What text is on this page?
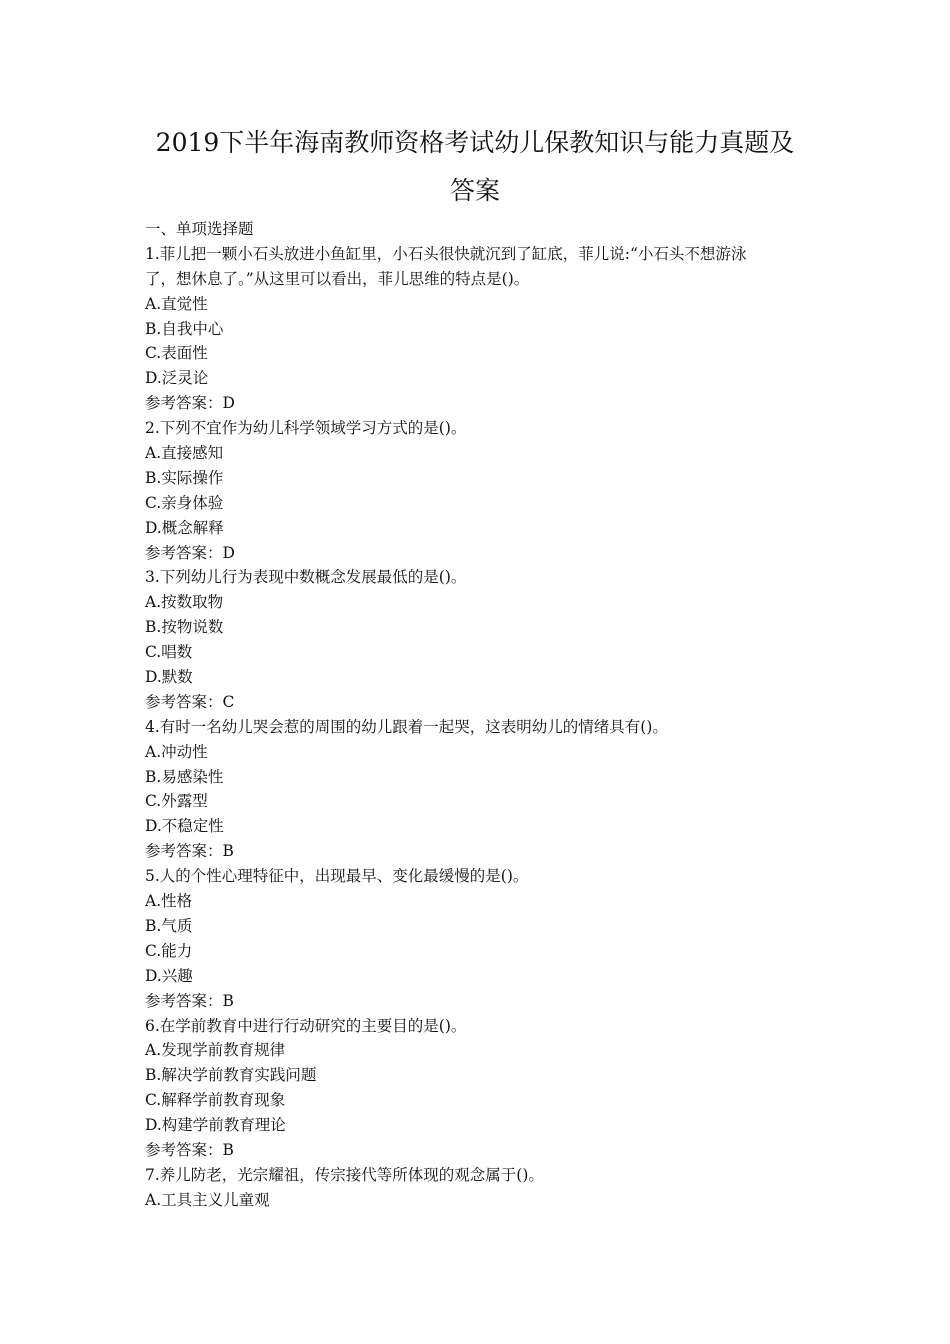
2019下半年海南教师资格考试幼儿保教知识与能力真题及
答案
一、单项选择题
1.菲儿把一颗小石头放进小鱼缸里，小石头很快就沉到了缸底，菲儿说:“小石头不想游泳
了，想休息了。”从这里可以看出，菲儿思维的特点是()。
A.直觉性
B.自我中心
C.表面性
D.泛灵论
参考答案：D
2.下列不宜作为幼儿科学领域学习方式的是()。
A.直接感知
B.实际操作
C.亲身体验
D.概念解释
参考答案：D
3.下列幼儿行为表现中数概念发展最低的是()。
A.按数取物
B.按物说数
C.唱数
D.默数
参考答案：C
4.有时一名幼儿哭会惹的周围的幼儿跟着一起哭，这表明幼儿的情绪具有()。
A.冲动性
B.易感染性
C.外露型
D.不稳定性
参考答案：B
5.人的个性心理特征中，出现最早、变化最缓慢的是()。
A.性格
B.气质
C.能力
D.兴趣
参考答案：B
6.在学前教育中进行行动研究的主要目的是()。
A.发现学前教育规律
B.解决学前教育实践问题
C.解释学前教育现象
D.构建学前教育理论
参考答案：B
7.养儿防老，光宗耀祖，传宗接代等所体现的观念属于()。
A.工具主义儿童观
